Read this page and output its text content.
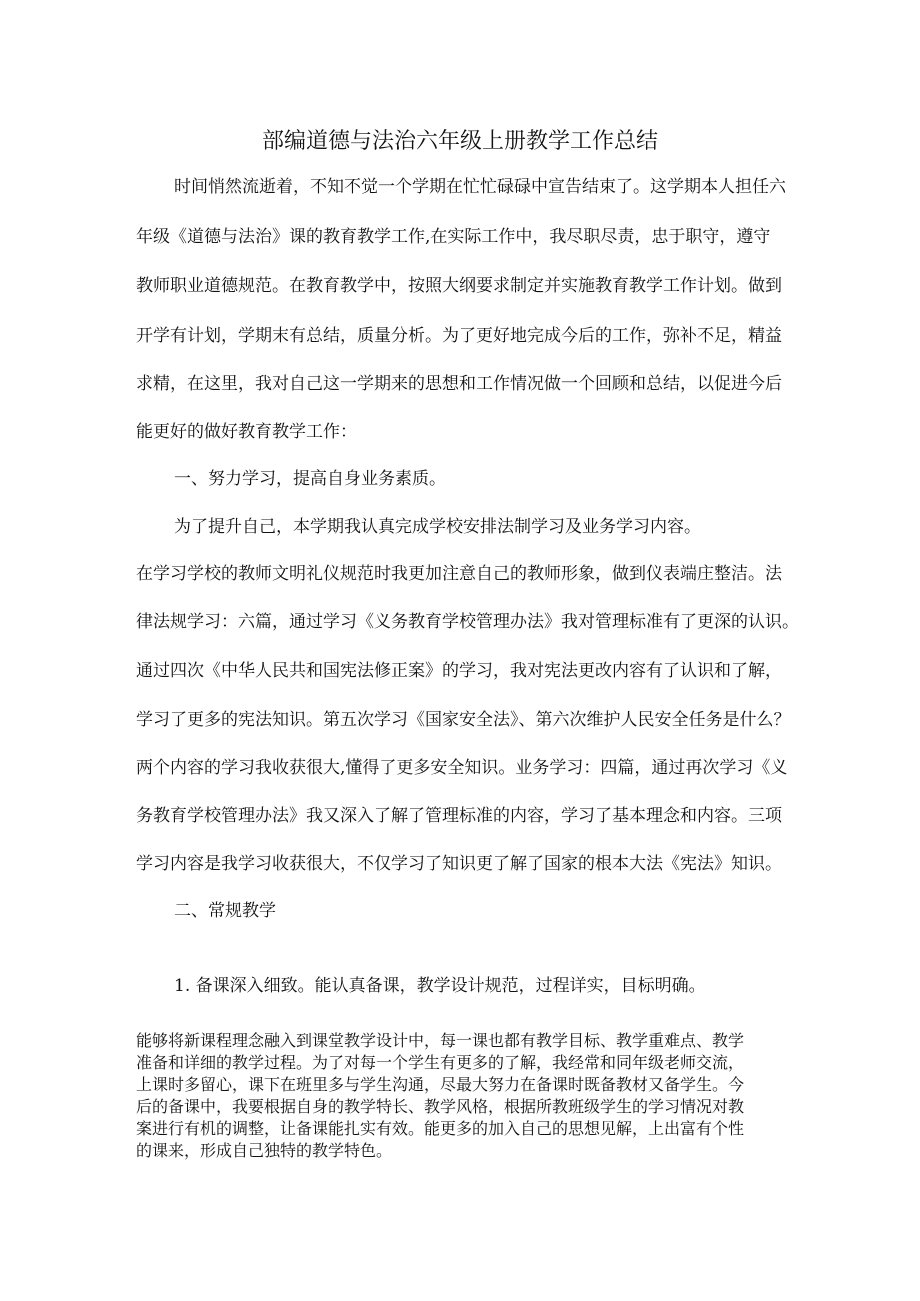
部编道德与法治六年级上册教学工作总结
时间悄然流逝着，不知不觉一个学期在忙忙碌碌中宣告结束了。这学期本人担任六
年级《道德与法治》课的教育教学工作,在实际工作中，我尽职尽责，忠于职守，遵守
教师职业道德规范。在教育教学中，按照大纲要求制定并实施教育教学工作计划。做到
开学有计划，学期末有总结，质量分析。为了更好地完成今后的工作，弥补不足，精益
求精，在这里，我对自己这一学期来的思想和工作情况做一个回顾和总结，以促进今后
能更好的做好教育教学工作：
一、努力学习，提高自身业务素质。
为了提升自己，本学期我认真完成学校安排法制学习及业务学习内容。
在学习学校的教师文明礼仪规范时我更加注意自己的教师形象，做到仪表端庄整洁。法
律法规学习：六篇，通过学习《义务教育学校管理办法》我对管理标准有了更深的认识。
通过四次《中华人民共和国宪法修正案》的学习，我对宪法更改内容有了认识和了解，
学习了更多的宪法知识。第五次学习《国家安全法》、第六次维护人民安全任务是什么？
两个内容的学习我收获很大,懂得了更多安全知识。业务学习：四篇，通过再次学习《义
务教育学校管理办法》我又深入了解了管理标准的内容，学习了基本理念和内容。三项
学习内容是我学习收获很大，不仅学习了知识更了解了国家的根本大法《宪法》知识。
二、常规教学
1. 备课深入细致。能认真备课，教学设计规范，过程详实，目标明确。
能够将新课程理念融入到课堂教学设计中，每一课也都有教学目标、教学重难点、教学
准备和详细的教学过程。为了对每一个学生有更多的了解，我经常和同年级老师交流，
上课时多留心，课下在班里多与学生沟通，尽最大努力在备课时既备教材又备学生。今
后的备课中，我要根据自身的教学特长、教学风格，根据所教班级学生的学习情况对教
案进行有机的调整，让备课能扎实有效。能更多的加入自己的思想见解，上出富有个性
的课来，形成自己独特的教学特色。
